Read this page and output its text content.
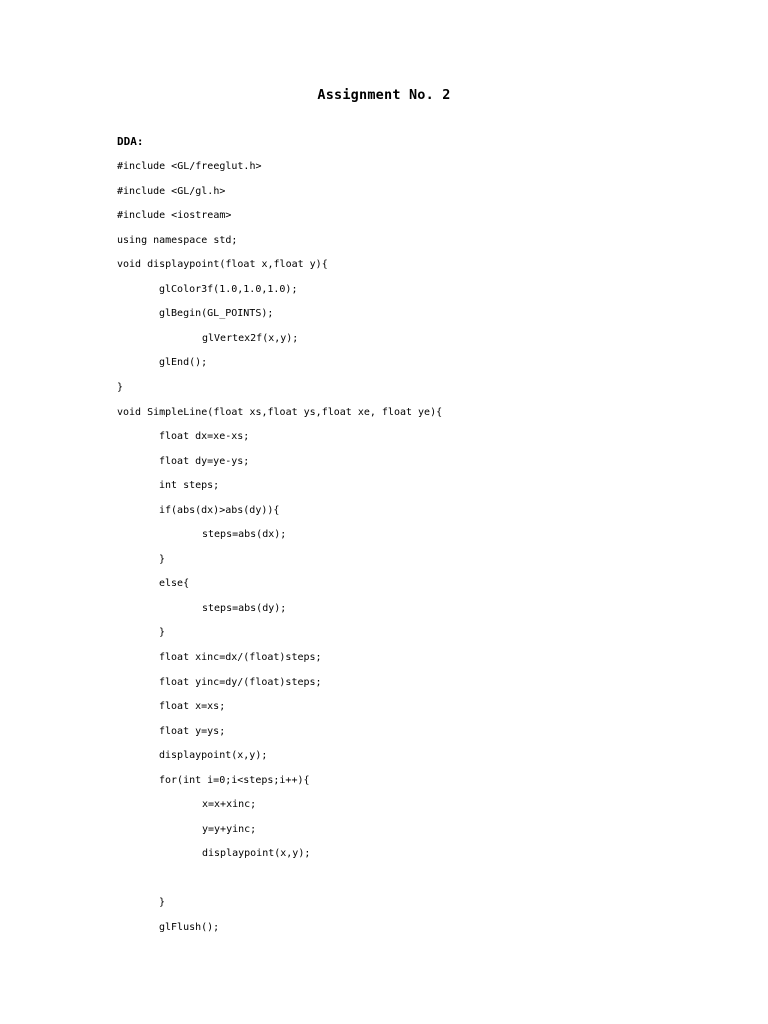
Assignment No. 2
DDA:
#include <GL/freeglut.h>
#include <GL/gl.h>
#include <iostream>
using namespace std;
void displaypoint(float x,float y){
glColor3f(1.0,1.0,1.0);
glBegin(GL_POINTS);
glVertex2f(x,y);
glEnd();
}
void SimpleLine(float xs,float ys,float xe, float ye){
float dx=xe-xs;
float dy=ye-ys;
int steps;
if(abs(dx)>abs(dy)){
steps=abs(dx);
}
else{
steps=abs(dy);
}
float xinc=dx/(float)steps;
float yinc=dy/(float)steps;
float x=xs;
float y=ys;
displaypoint(x,y);
for(int i=0;i<steps;i++){
x=x+xinc;
y=y+yinc;
displaypoint(x,y);
}
glFlush();
